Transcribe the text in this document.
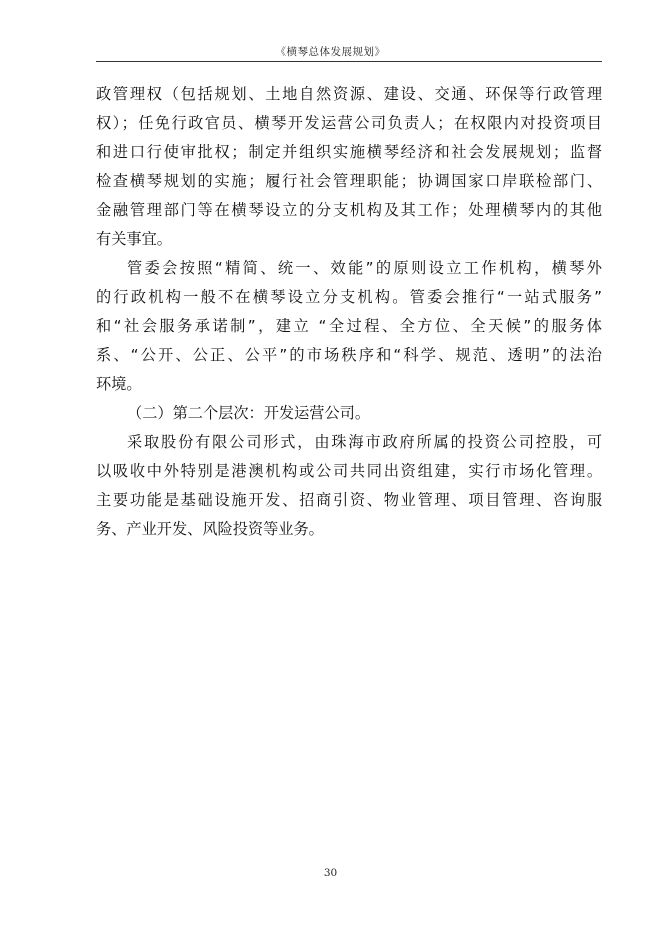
《横琴总体发展规划》
政管理权（包括规划、土地自然资源、建设、交通、环保等行政管理
权）；任免行政官员、横琴开发运营公司负责人；在权限内对投资项目
和进口行使审批权；制定并组织实施横琴经济和社会发展规划；监督
检查横琴规划的实施；履行社会管理职能；协调国家口岸联检部门、
金融管理部门等在横琴设立的分支机构及其工作；处理横琴内的其他
有关事宜。
管委会按照“精简、统一、效能”的原则设立工作机构，横琴外
的行政机构一般不在横琴设立分支机构。管委会推行“一站式服务”
和“社会服务承诺制”，建立 “全过程、全方位、全天候”的服务体
系、“公开、公正、公平”的市场秩序和“科学、规范、透明”的法治
环境。
（二）第二个层次：开发运营公司。
采取股份有限公司形式，由珠海市政府所属的投资公司控股，可
以吸收中外特别是港澳机构或公司共同出资组建，实行市场化管理。
主要功能是基础设施开发、招商引资、物业管理、项目管理、咨询服
务、产业开发、风险投资等业务。
30
